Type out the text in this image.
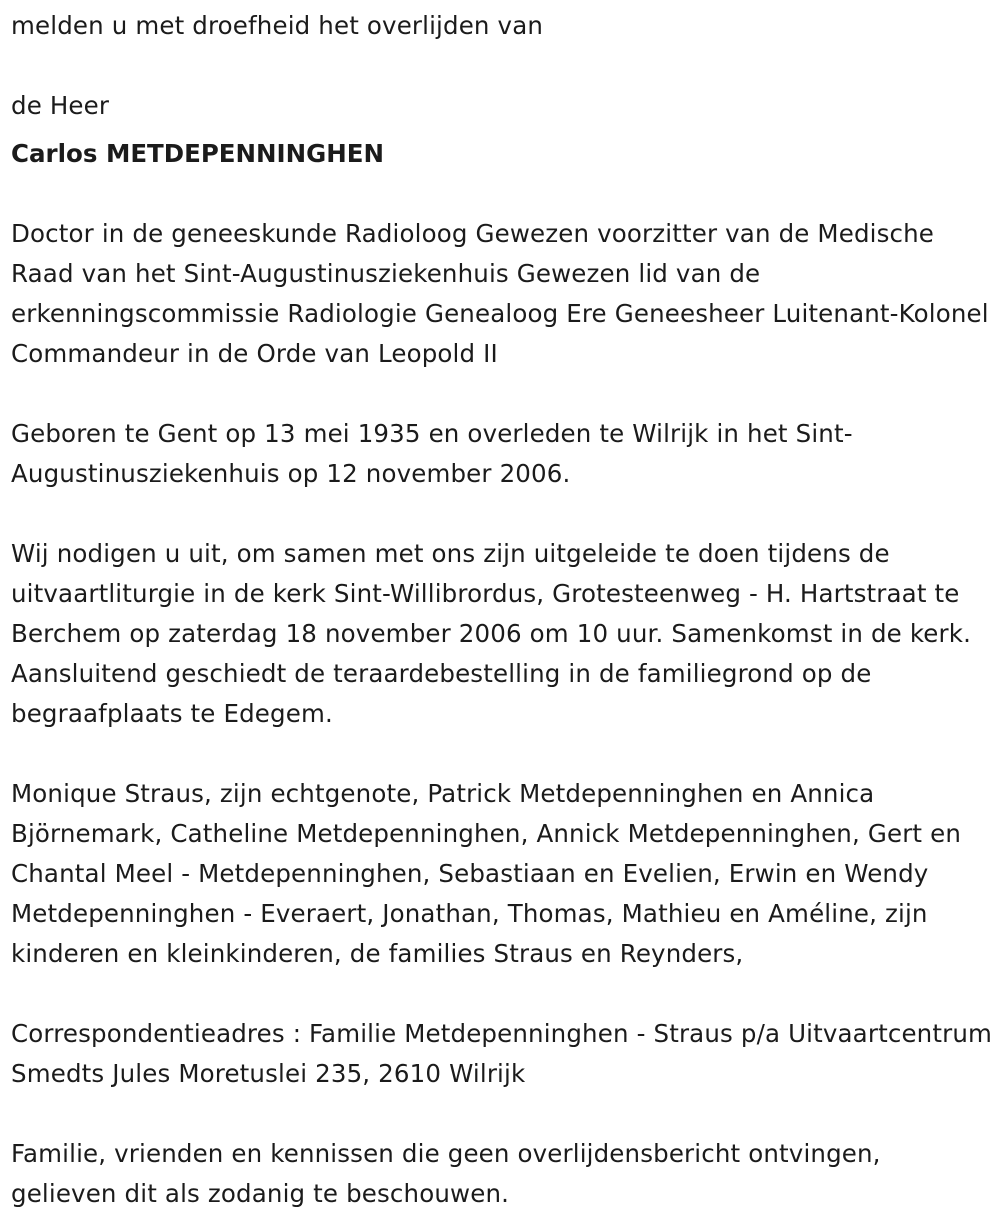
melden u met droefheid het overlijden van

de Heer

Carlos METDEPENNINGHEN

Doctor in de geneeskunde Radioloog Gewezen voorzitter van de Medische Raad van het Sint-Augustinusziekenhuis Gewezen lid van de erkenningscommissie Radiologie Genealoog Ere Geneesheer Luitenant-Kolonel Commandeur in de Orde van Leopold II

Geboren te Gent op 13 mei 1935 en overleden te Wilrijk in het Sint-Augustinusziekenhuis op 12 november 2006.

Wij nodigen u uit, om samen met ons zijn uitgeleide te doen tijdens de uitvaartliturgie in de kerk Sint-Willibrordus, Grotesteenweg - H. Hartstraat te Berchem op zaterdag 18 november 2006 om 10 uur. Samenkomst in de kerk. Aansluitend geschiedt de teraardebestelling in de familiegrond op de begraafplaats te Edegem.

Monique Straus, zijn echtgenote, Patrick Metdepenninghen en Annica Björnemark, Catheline Metdepenninghen, Annick Metdepenninghen, Gert en Chantal Meel - Metdepenninghen, Sebastiaan en Evelien, Erwin en Wendy Metdepenninghen - Everaert, Jonathan, Thomas, Mathieu en Améline, zijn kinderen en kleinkinderen, de families Straus en Reynders,

Correspondentieadres : Familie Metdepenninghen - Straus p/a Uitvaartcentrum Smedts Jules Moretuslei 235, 2610 Wilrijk

Familie, vrienden en kennissen die geen overlijdensbericht ontvingen, gelieven dit als zodanig te beschouwen.
